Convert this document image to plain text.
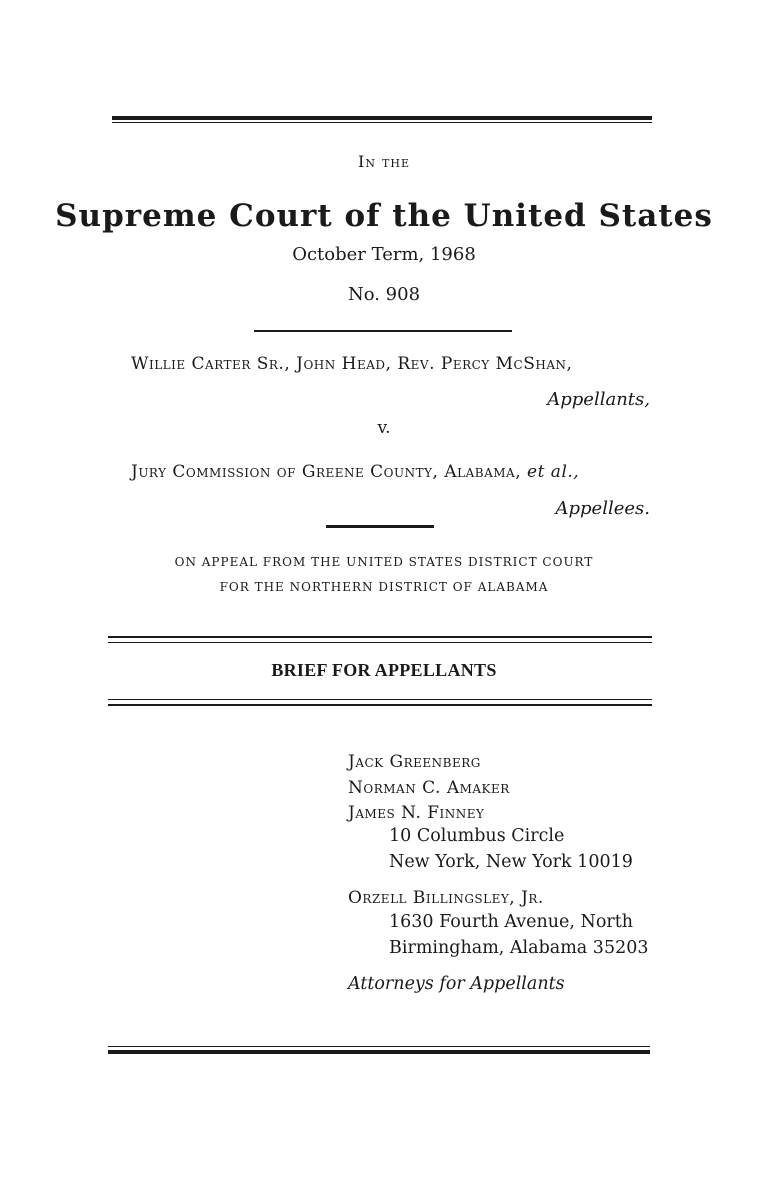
In the
Supreme Court of the United States
October Term, 1968
No. 908
Willie Carter Sr., John Head, Rev. Percy McShan,
Appellants,
v.
Jury Commission of Greene County, Alabama, et al.,
Appellees.
ON APPEAL FROM THE UNITED STATES DISTRICT COURT
FOR THE NORTHERN DISTRICT OF ALABAMA
BRIEF FOR APPELLANTS
Jack Greenberg
Norman C. Amaker
James N. Finney
10 Columbus Circle
New York, New York 10019
Orzell Billingsley, Jr.
1630 Fourth Avenue, North
Birmingham, Alabama 35203
Attorneys for Appellants
